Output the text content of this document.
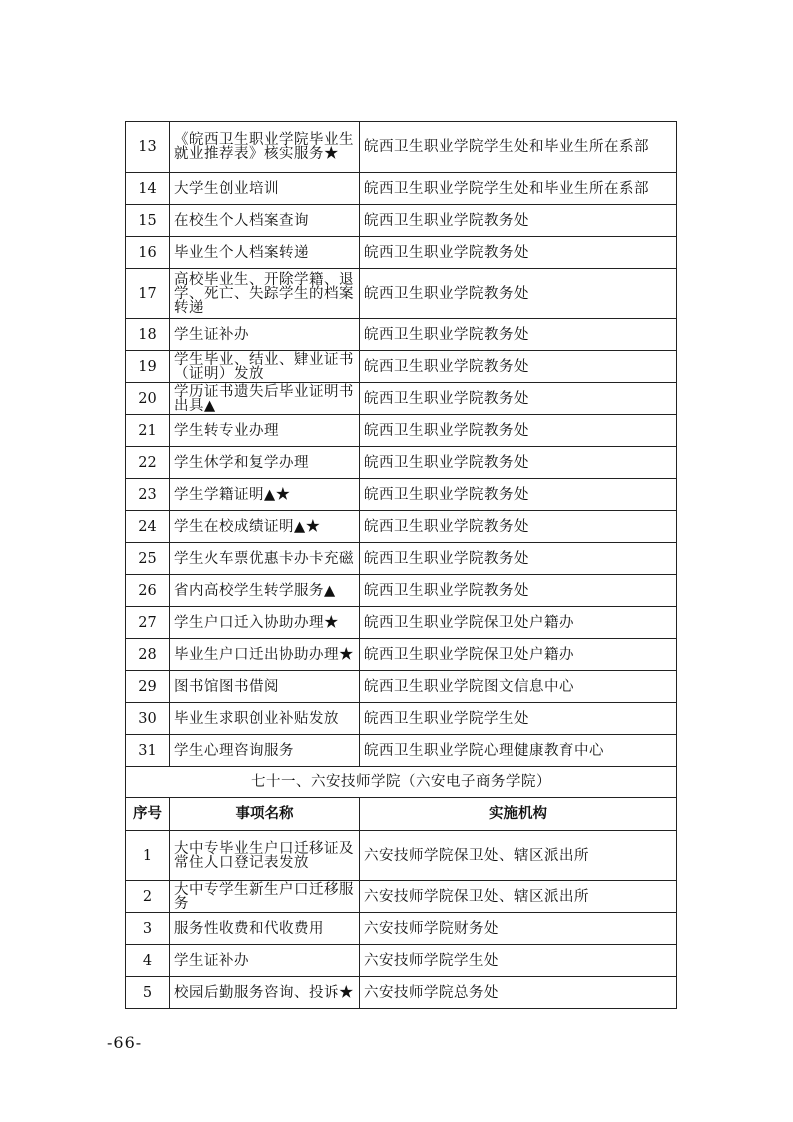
13	《皖西卫生职业学院毕业生就业推荐表》核实服务★	皖西卫生职业学院学生处和毕业生所在系部
14	大学生创业培训	皖西卫生职业学院学生处和毕业生所在系部
15	在校生个人档案查询	皖西卫生职业学院教务处
16	毕业生个人档案转递	皖西卫生职业学院教务处
17	高校毕业生、开除学籍、退学、死亡、失踪学生的档案转递	皖西卫生职业学院教务处
18	学生证补办	皖西卫生职业学院教务处
19	学生毕业、结业、肄业证书（证明）发放	皖西卫生职业学院教务处
20	学历证书遗失后毕业证明书出具▲	皖西卫生职业学院教务处
21	学生转专业办理	皖西卫生职业学院教务处
22	学生休学和复学办理	皖西卫生职业学院教务处
23	学生学籍证明▲★	皖西卫生职业学院教务处
24	学生在校成绩证明▲★	皖西卫生职业学院教务处
25	学生火车票优惠卡办卡充磁	皖西卫生职业学院教务处
26	省内高校学生转学服务▲	皖西卫生职业学院教务处
27	学生户口迁入协助办理★	皖西卫生职业学院保卫处户籍办
28	毕业生户口迁出协助办理★	皖西卫生职业学院保卫处户籍办
29	图书馆图书借阅	皖西卫生职业学院图文信息中心
30	毕业生求职创业补贴发放	皖西卫生职业学院学生处
31	学生心理咨询服务	皖西卫生职业学院心理健康教育中心
七十一、六安技师学院（六安电子商务学院）		
序号	事项名称	实施机构
1	大中专毕业生户口迁移证及常住人口登记表发放	六安技师学院保卫处、辖区派出所
2	大中专学生新生户口迁移服务	六安技师学院保卫处、辖区派出所
3	服务性收费和代收费用	六安技师学院财务处
4	学生证补办	六安技师学院学生处
5	校园后勤服务咨询、投诉★	六安技师学院总务处
-66-
